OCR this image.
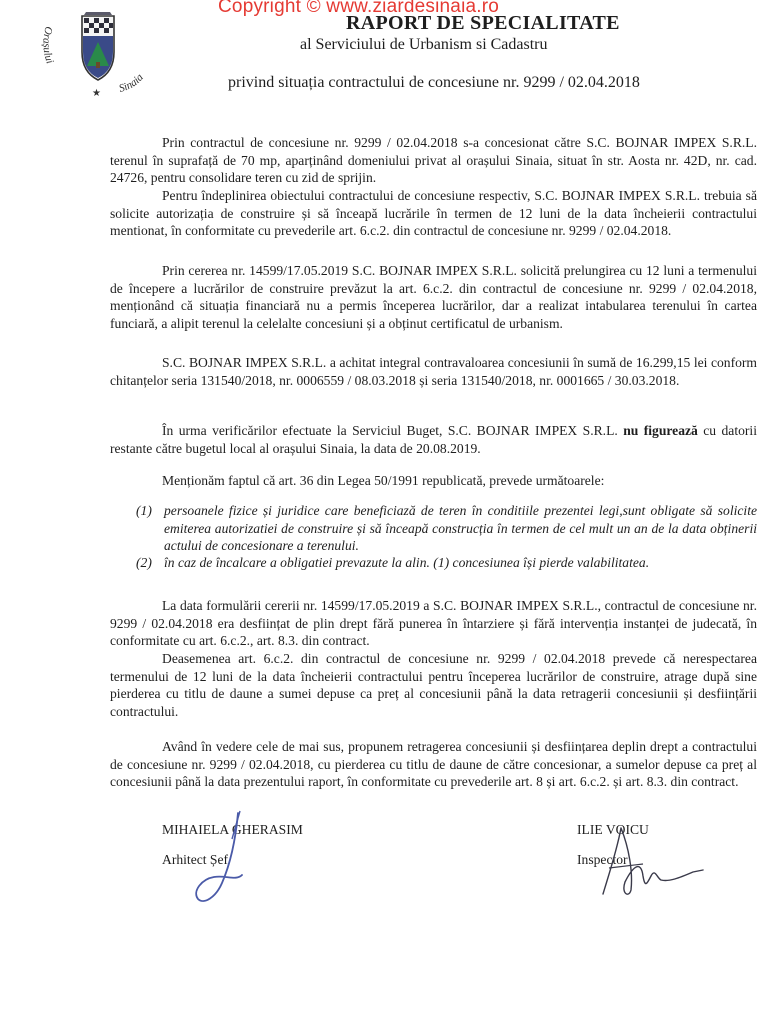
Copyright © www.ziardesinaia.ro
Orașului
Sinaia
★
RAPORT DE SPECIALITATE
al Serviciului de Urbanism si Cadastru
privind situația contractului de concesiune nr. 9299 / 02.04.2018

Prin contractul de concesiune nr. 9299 / 02.04.2018 s-a concesionat către S.C. BOJNAR IMPEX S.R.L. terenul în suprafață de 70 mp, aparținând domeniului privat al orașului Sinaia, situat în str. Aosta nr. 42D, nr. cad. 24726, pentru consolidare teren cu zid de sprijin.

Pentru îndeplinirea obiectului contractului de concesiune respectiv, S.C. BOJNAR IMPEX S.R.L. trebuia să solicite autorizația de construire și să înceapă lucrările în termen de 12 luni de la data încheierii contractului mentionat, în conformitate cu prevederile art. 6.c.2. din contractul de concesiune nr. 9299 / 02.04.2018.

Prin cererea nr. 14599/17.05.2019 S.C. BOJNAR IMPEX S.R.L. solicită prelungirea cu 12 luni a termenului de începere a lucrărilor de construire prevăzut la art. 6.c.2. din contractul de concesiune nr. 9299 / 02.04.2018, menționând că situația financiară nu a permis începerea lucrărilor, dar a realizat intabularea terenului în cartea funciară, a alipit terenul la celelalte concesiuni și a obținut certificatul de urbanism.

S.C. BOJNAR IMPEX S.R.L. a achitat integral contravaloarea concesiunii în sumă de 16.299,15 lei conform chitanțelor seria 131540/2018, nr. 0006559 / 08.03.2018 și seria 131540/2018, nr. 0001665 / 30.03.2018.

În urma verificărilor efectuate la Serviciul Buget, S.C. BOJNAR IMPEX S.R.L. nu figurează cu datorii restante către bugetul local al orașului Sinaia, la data de 20.08.2019.

Menționăm faptul că art. 36 din Legea 50/1991 republicată, prevede următoarele:

(1) persoanele fizice și juridice care beneficiază de teren în conditiile prezentei legi,sunt obligate să solicite emiterea autorizatiei de construire și să înceapă construcția în termen de cel mult un an de la data obținerii actului de concesionare a terenului.
(2) în caz de încalcare a obligatiei prevazute la alin. (1) concesiunea își pierde valabilitatea.

La data formulării cererii nr. 14599/17.05.2019 a S.C. BOJNAR IMPEX S.R.L., contractul de concesiune nr. 9299 / 02.04.2018 era desființat de plin drept fără punerea în întarziere și fără intervenția instanței de judecată, în conformitate cu art. 6.c.2., art. 8.3. din contract.

Deasemenea art. 6.c.2. din contractul de concesiune nr. 9299 / 02.04.2018 prevede că nerespectarea termenului de 12 luni de la data încheierii contractului pentru începerea lucrărilor de construire, atrage după sine pierderea cu titlu de daune a sumei depuse ca preț al concesiunii până la data retragerii concesiunii și desființării contractului.

Având în vedere cele de mai sus, propunem retragerea concesiunii și desființarea deplin drept a contractului de concesiune nr. 9299 / 02.04.2018, cu pierderea cu titlu de daune de către concesionar, a sumelor depuse ca preț al concesiunii până la data prezentului raport, în conformitate cu prevederile art. 8 și art. 6.c.2. și art. 8.3. din contract.

MIHAIELA GHERASIM
Arhitect Șef
ILIE VOICU
Inspector
